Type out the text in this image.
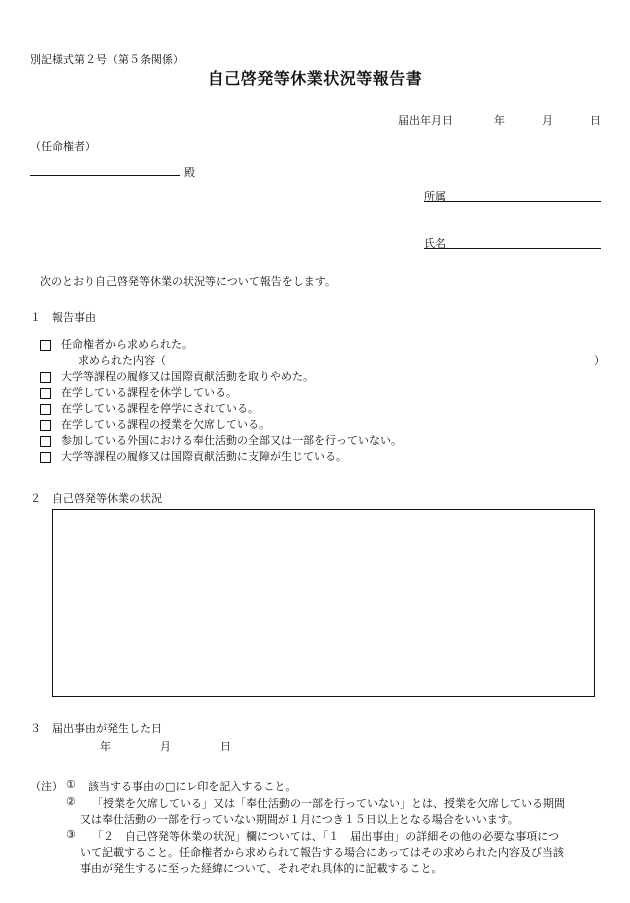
別記様式第２号（第５条関係）
自己啓発等休業状況等報告書
届出年月日	年	月	日
（任命権者）
殿
所属
氏名
次のとおり自己啓発等休業の状況等について報告をします。
１　報告事由
任命権者から求められた。
大学等課程の履修又は国際貢献活動を取りやめた。
在学している課程を休学している。
在学している課程を停学にされている。
在学している課程の授業を欠席している。
参加している外国における奉仕活動の全部又は一部を行っていない。
大学等課程の履修又は国際貢献活動に支障が生じている。
求められた内容（	）
２　自己啓発等休業の状況
３　届出事由が発生した日
年	月	日
（注） ① 該当する事由の□にレ印を記入すること。
② 「授業を欠席している」又は「奉仕活動の一部を行っていない」とは、授業を欠席している期間
又は奉仕活動の一部を行っていない期間が１月につき１５日以上となる場合をいいます。
③ 「２　自己啓発等休業の状況」欄については、「１　届出事由」の詳細その他の必要な事項につ
いて記載すること。任命権者から求められて報告する場合にあってはその求められた内容及び当該
事由が発生するに至った経緯について、それぞれ具体的に記載すること。
